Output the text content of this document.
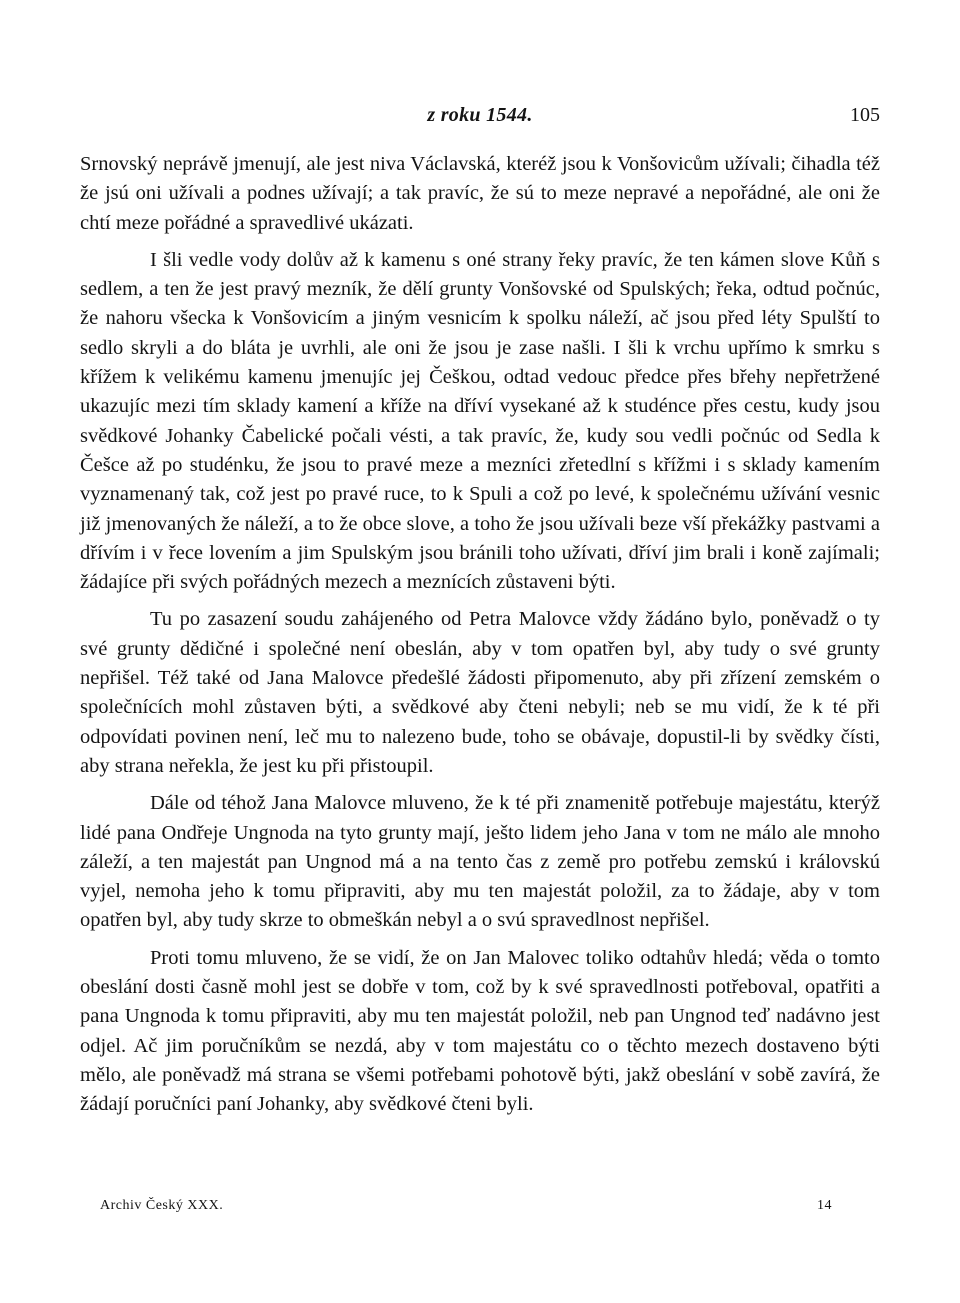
z roku 1544.	105

Srnovský neprávě jmenují, ale jest niva Václavská, kteréž jsou k Vonšovicům užívali; čihadla též že jsú oni užívali a podnes užívají; a tak pravíc, že sú to meze nepravé a nepořádné, ale oni že chtí meze pořádné a spravedlivé ukázati.

I šli vedle vody dolův až k kamenu s oné strany řeky pravíc, že ten kámen slove Kůň s sedlem, a ten že jest pravý mezník, že dělí grunty Vonšovské od Spulských; řeka, odtud počnúc, že nahoru všecka k Vonšovicím a jiným vesnicím k spolku náleží, ač jsou před léty Spulští to sedlo skryli a do bláta je uvrhli, ale oni že jsou je zase našli. I šli k vrchu upřímo k smrku s křížem k velikému kamenu jmenujíc jej Češkou, odtad vedouc předce přes břehy nepřetržené ukazujíc mezi tím sklady kamení a kříže na dříví vysekané až k studénce přes cestu, kudy jsou svědkové Johanky Čabelické počali vésti, a tak pravíc, že, kudy sou vedli počnúc od Sedla k Češce až po studénku, že jsou to pravé meze a mezníci zřetedlní s křížmi i s sklady kamením vyznamenaný tak, což jest po pravé ruce, to k Spuli a což po levé, k společnému užívání vesnic již jmenovaných že náleží, a to že obce slove, a toho že jsou užívali beze vší překážky pastvami a dřívím i v řece lovením a jim Spulským jsou bránili toho užívati, dříví jim brali i koně zajímali; žádajíce při svých pořádných mezech a meznících zůstaveni býti.

Tu po zasazení soudu zahájeného od Petra Malovce vždy žádáno bylo, poněvadž o ty své grunty dědičné i společné není obeslán, aby v tom opatřen byl, aby tudy o své grunty nepřišel. Též také od Jana Malovce předešlé žádosti připomenuto, aby při zřízení zemském o společnících mohl zůstaven býti, a svědkové aby čteni nebyli; neb se mu vidí, že k té při odpovídati povinen není, leč mu to nalezeno bude, toho se obávaje, dopustil-li by svědky čísti, aby strana neřekla, že jest ku při přistoupil.

Dále od téhož Jana Malovce mluveno, že k té při znamenitě potřebuje majestátu, kterýž lidé pana Ondřeje Ungnoda na tyto grunty mají, ješto lidem jeho Jana v tom ne málo ale mnoho záleží, a ten majestát pan Ungnod má a na tento čas z země pro potřebu zemskú i královskú vyjel, nemoha jeho k tomu připraviti, aby mu ten majestát položil, za to žádaje, aby v tom opatřen byl, aby tudy skrze to obmeškán nebyl a o svú spravedlnost nepřišel.

Proti tomu mluveno, že se vidí, že on Jan Malovec toliko odtahův hledá; věda o tomto obeslání dosti časně mohl jest se dobře v tom, což by k své spravedlnosti potřeboval, opatřiti a pana Ungnoda k tomu připraviti, aby mu ten majestát položil, neb pan Ungnod teď nadávno jest odjel. Ač jim poručníkům se nezdá, aby v tom majestátu co o těchto mezech dostaveno býti mělo, ale poněvadž má strana se všemi potřebami pohotově býti, jakž obeslání v sobě zavírá, že žádají poručníci paní Johanky, aby svědkové čteni byli.

Archiv Český XXX.	14
